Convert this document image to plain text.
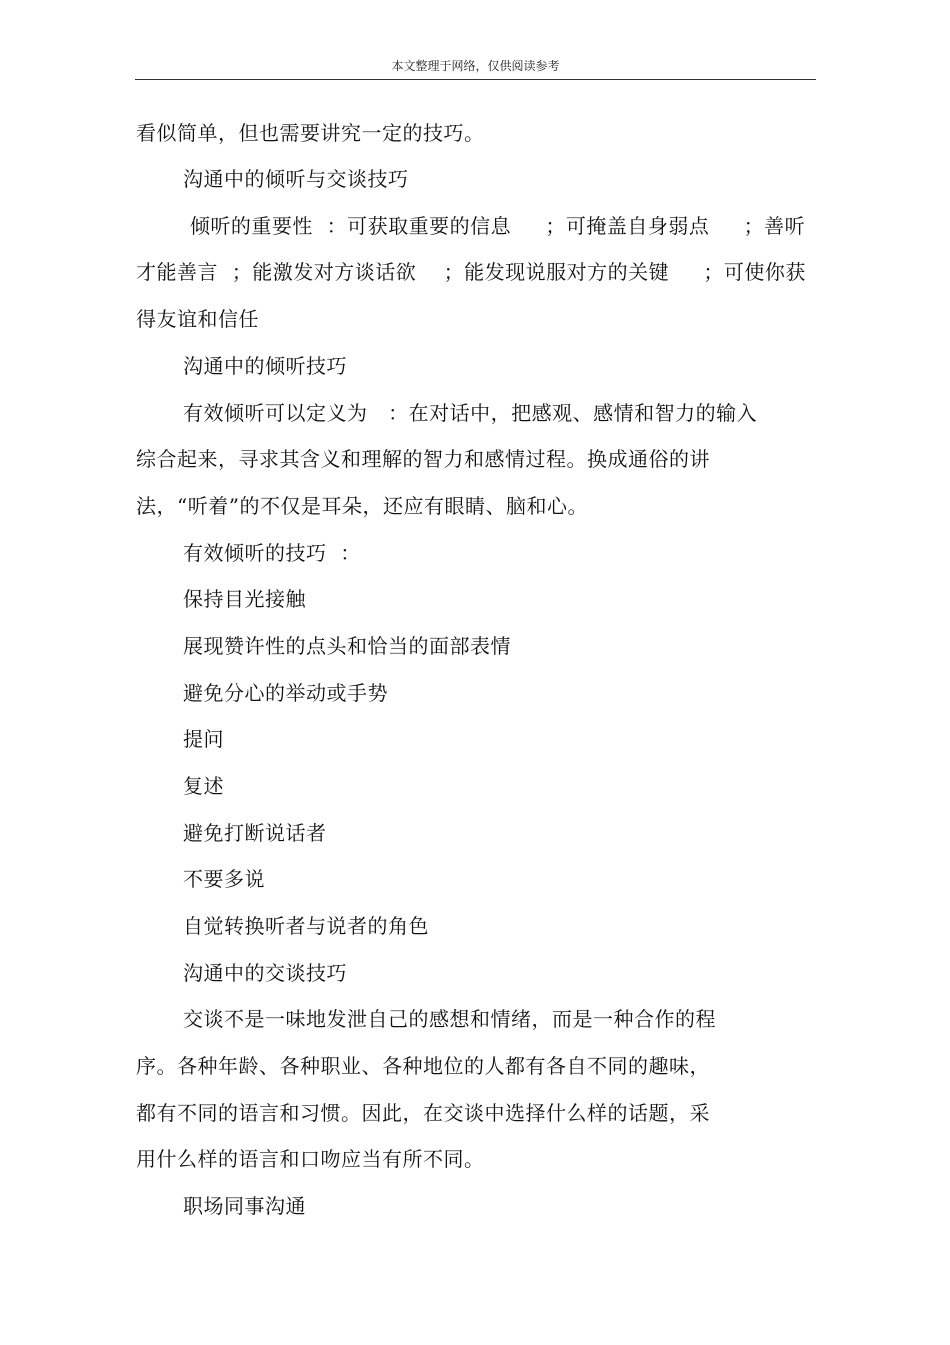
本文整理于网络，仅供阅读参考
看似简单，但也需要讲究一定的技巧。
沟通中的倾听与交谈技巧
倾听的重要性  ：可获取重要的信息     ；可掩盖自身弱点     ；善听
才能善言  ；能激发对方谈话欲    ；能发现说服对方的关键     ；可使你获
得友谊和信任
沟通中的倾听技巧
有效倾听可以定义为   ：在对话中，把感观、感情和智力的输入
综合起来，寻求其含义和理解的智力和感情过程。换成通俗的讲
法，“听着”的不仅是耳朵，还应有眼睛、脑和心。
有效倾听的技巧  ：
保持目光接触
展现赞许性的点头和恰当的面部表情
避免分心的举动或手势
提问
复述
避免打断说话者
不要多说
自觉转换听者与说者的角色
沟通中的交谈技巧
交谈不是一味地发泄自己的感想和情绪，而是一种合作的程
序。各种年龄、各种职业、各种地位的人都有各自不同的趣味，
都有不同的语言和习惯。因此，在交谈中选择什么样的话题，采
用什么样的语言和口吻应当有所不同。
职场同事沟通
